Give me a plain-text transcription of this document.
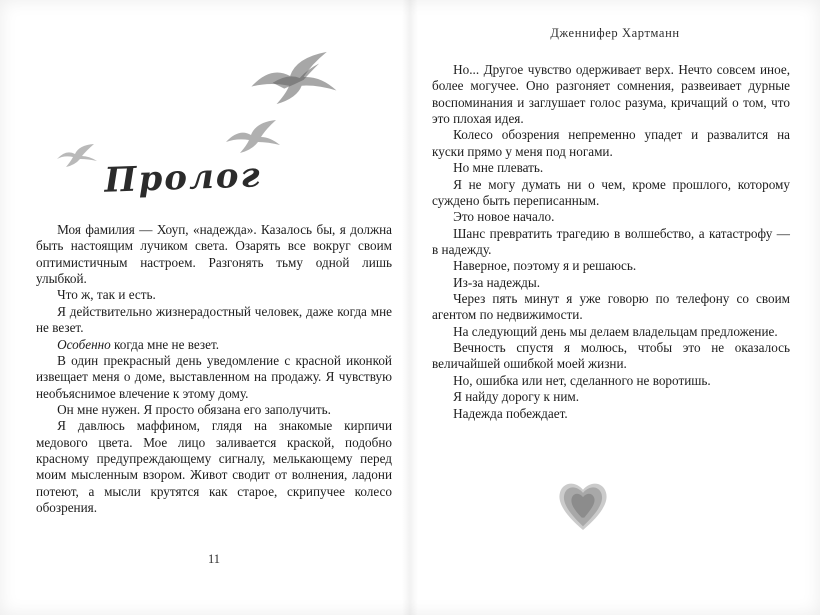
Пролог

Моя фамилия — Хоуп, «надежда». Казалось бы, я должна быть настоящим лучиком света. Озарять все вокруг своим оптимистичным настроем. Разгонять тьму одной лишь улыбкой.

Что ж, так и есть.

Я действительно жизнерадостный человек, даже когда мне не везет.

Особенно когда мне не везет.

В один прекрасный день уведомление с красной иконкой извещает меня о доме, выставленном на продажу. Я чувствую необъяснимое влечение к этому дому.

Он мне нужен. Я просто обязана его заполучить.

Я давлюсь маффином, глядя на знакомые кирпичи медового цвета. Мое лицо заливается краской, подобно красному предупреждающему сигналу, мелькающему перед моим мысленным взором. Живот сводит от волнения, ладони потеют, а мысли крутятся как старое, скрипучее колесо обозрения.

11
Дженнифер Хартманн

Но... Другое чувство одерживает верх. Нечто совсем иное, более могучее. Оно разгоняет сомнения, развеивает дурные воспоминания и заглушает голос разума, кричащий о том, что это плохая идея.

Колесо обозрения непременно упадет и развалится на куски прямо у меня под ногами.

Но мне плевать.

Я не могу думать ни о чем, кроме прошлого, которому суждено быть переписанным.

Это новое начало.

Шанс превратить трагедию в волшебство, а катастрофу — в надежду.

Наверное, поэтому я и решаюсь.

Из-за надежды.

Через пять минут я уже говорю по телефону со своим агентом по недвижимости.

На следующий день мы делаем владельцам предложение.

Вечность спустя я молюсь, чтобы это не оказалось величайшей ошибкой моей жизни.

Но, ошибка или нет, сделанного не воротишь.

Я найду дорогу к ним.

Надежда побеждает.
